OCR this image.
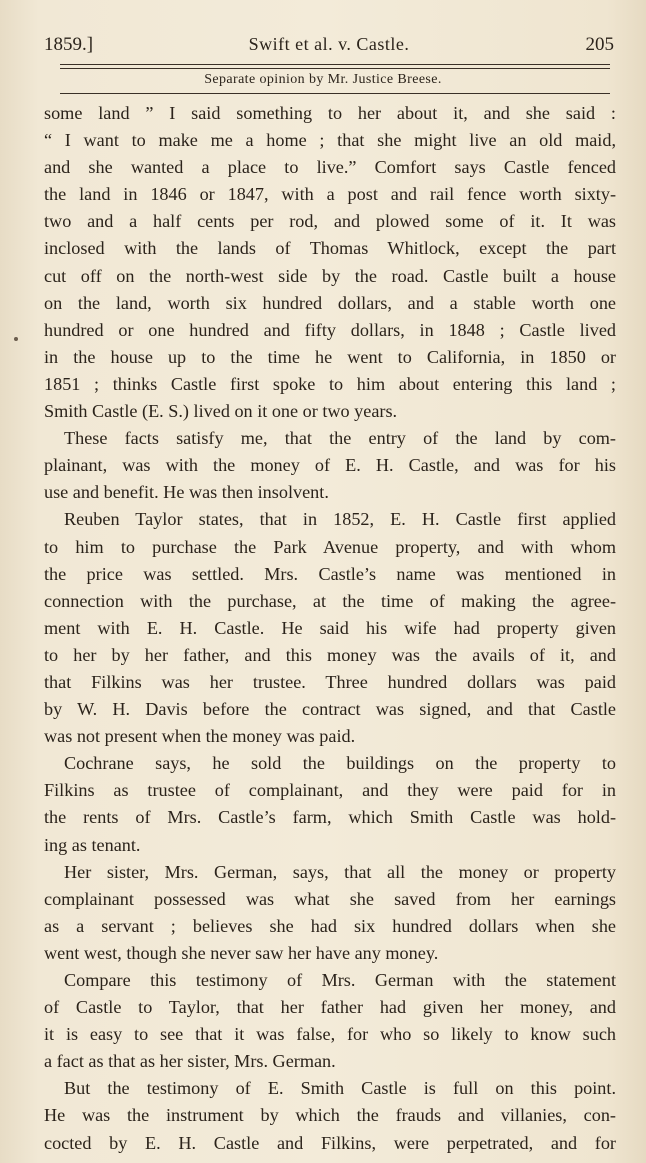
1859.]	Swift et al. v. Castle.	205
Separate opinion by Mr. Justice Breese.
some land ” I said something to her about it, and she said :
“ I want to make me a home ; that she might live an old maid,
and she wanted a place to live.” Comfort says Castle fenced
the land in 1846 or 1847, with a post and rail fence worth sixty-
two and a half cents per rod, and plowed some of it. It was
inclosed with the lands of Thomas Whitlock, except the part
cut off on the north-west side by the road. Castle built a house
on the land, worth six hundred dollars, and a stable worth one
hundred or one hundred and fifty dollars, in 1848 ; Castle lived
in the house up to the time he went to California, in 1850 or
1851 ; thinks Castle first spoke to him about entering this land ;
Smith Castle (E. S.) lived on it one or two years.
These facts satisfy me, that the entry of the land by com-
plainant, was with the money of E. H. Castle, and was for his
use and benefit. He was then insolvent.
Reuben Taylor states, that in 1852, E. H. Castle first applied
to him to purchase the Park Avenue property, and with whom
the price was settled. Mrs. Castle’s name was mentioned in
connection with the purchase, at the time of making the agree-
ment with E. H. Castle. He said his wife had property given
to her by her father, and this money was the avails of it, and
that Filkins was her trustee. Three hundred dollars was paid
by W. H. Davis before the contract was signed, and that Castle
was not present when the money was paid.
Cochrane says, he sold the buildings on the property to
Filkins as trustee of complainant, and they were paid for in
the rents of Mrs. Castle’s farm, which Smith Castle was hold-
ing as tenant.
Her sister, Mrs. German, says, that all the money or property
complainant possessed was what she saved from her earnings
as a servant ; believes she had six hundred dollars when she
went west, though she never saw her have any money.
Compare this testimony of Mrs. German with the statement
of Castle to Taylor, that her father had given her money, and
it is easy to see that it was false, for who so likely to know such
a fact as that as her sister, Mrs. German.
But the testimony of E. Smith Castle is full on this point.
He was the instrument by which the frauds and villanies, con-
cocted by E. H. Castle and Filkins, were perpetrated, and for
